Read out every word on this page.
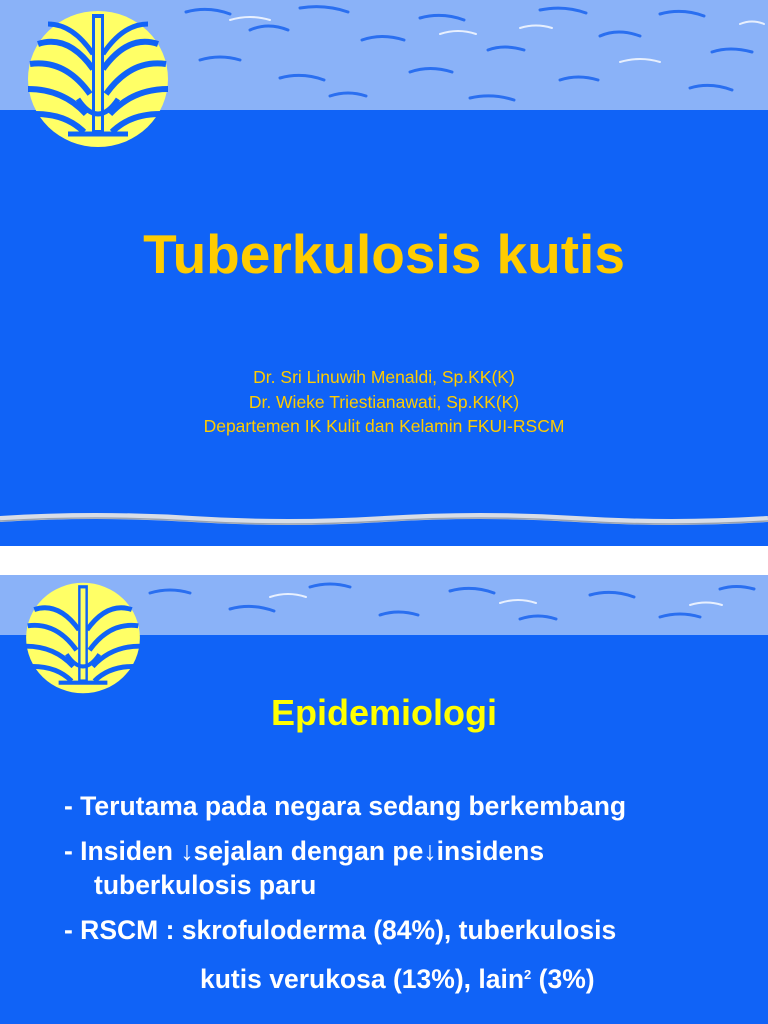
Tuberkulosis kutis
Dr. Sri Linuwih Menaldi, Sp.KK(K)
Dr. Wieke Triestianawati, Sp.KK(K)
Departemen IK Kulit dan Kelamin FKUI-RSCM
Epidemiologi
- Terutama pada negara sedang berkembang
- Insiden ↓sejalan dengan pe↓insidens
tuberkulosis paru
- RSCM : skrofuloderma (84%), tuberkulosis
kutis verukosa (13%), lain$^2$ (3%)
